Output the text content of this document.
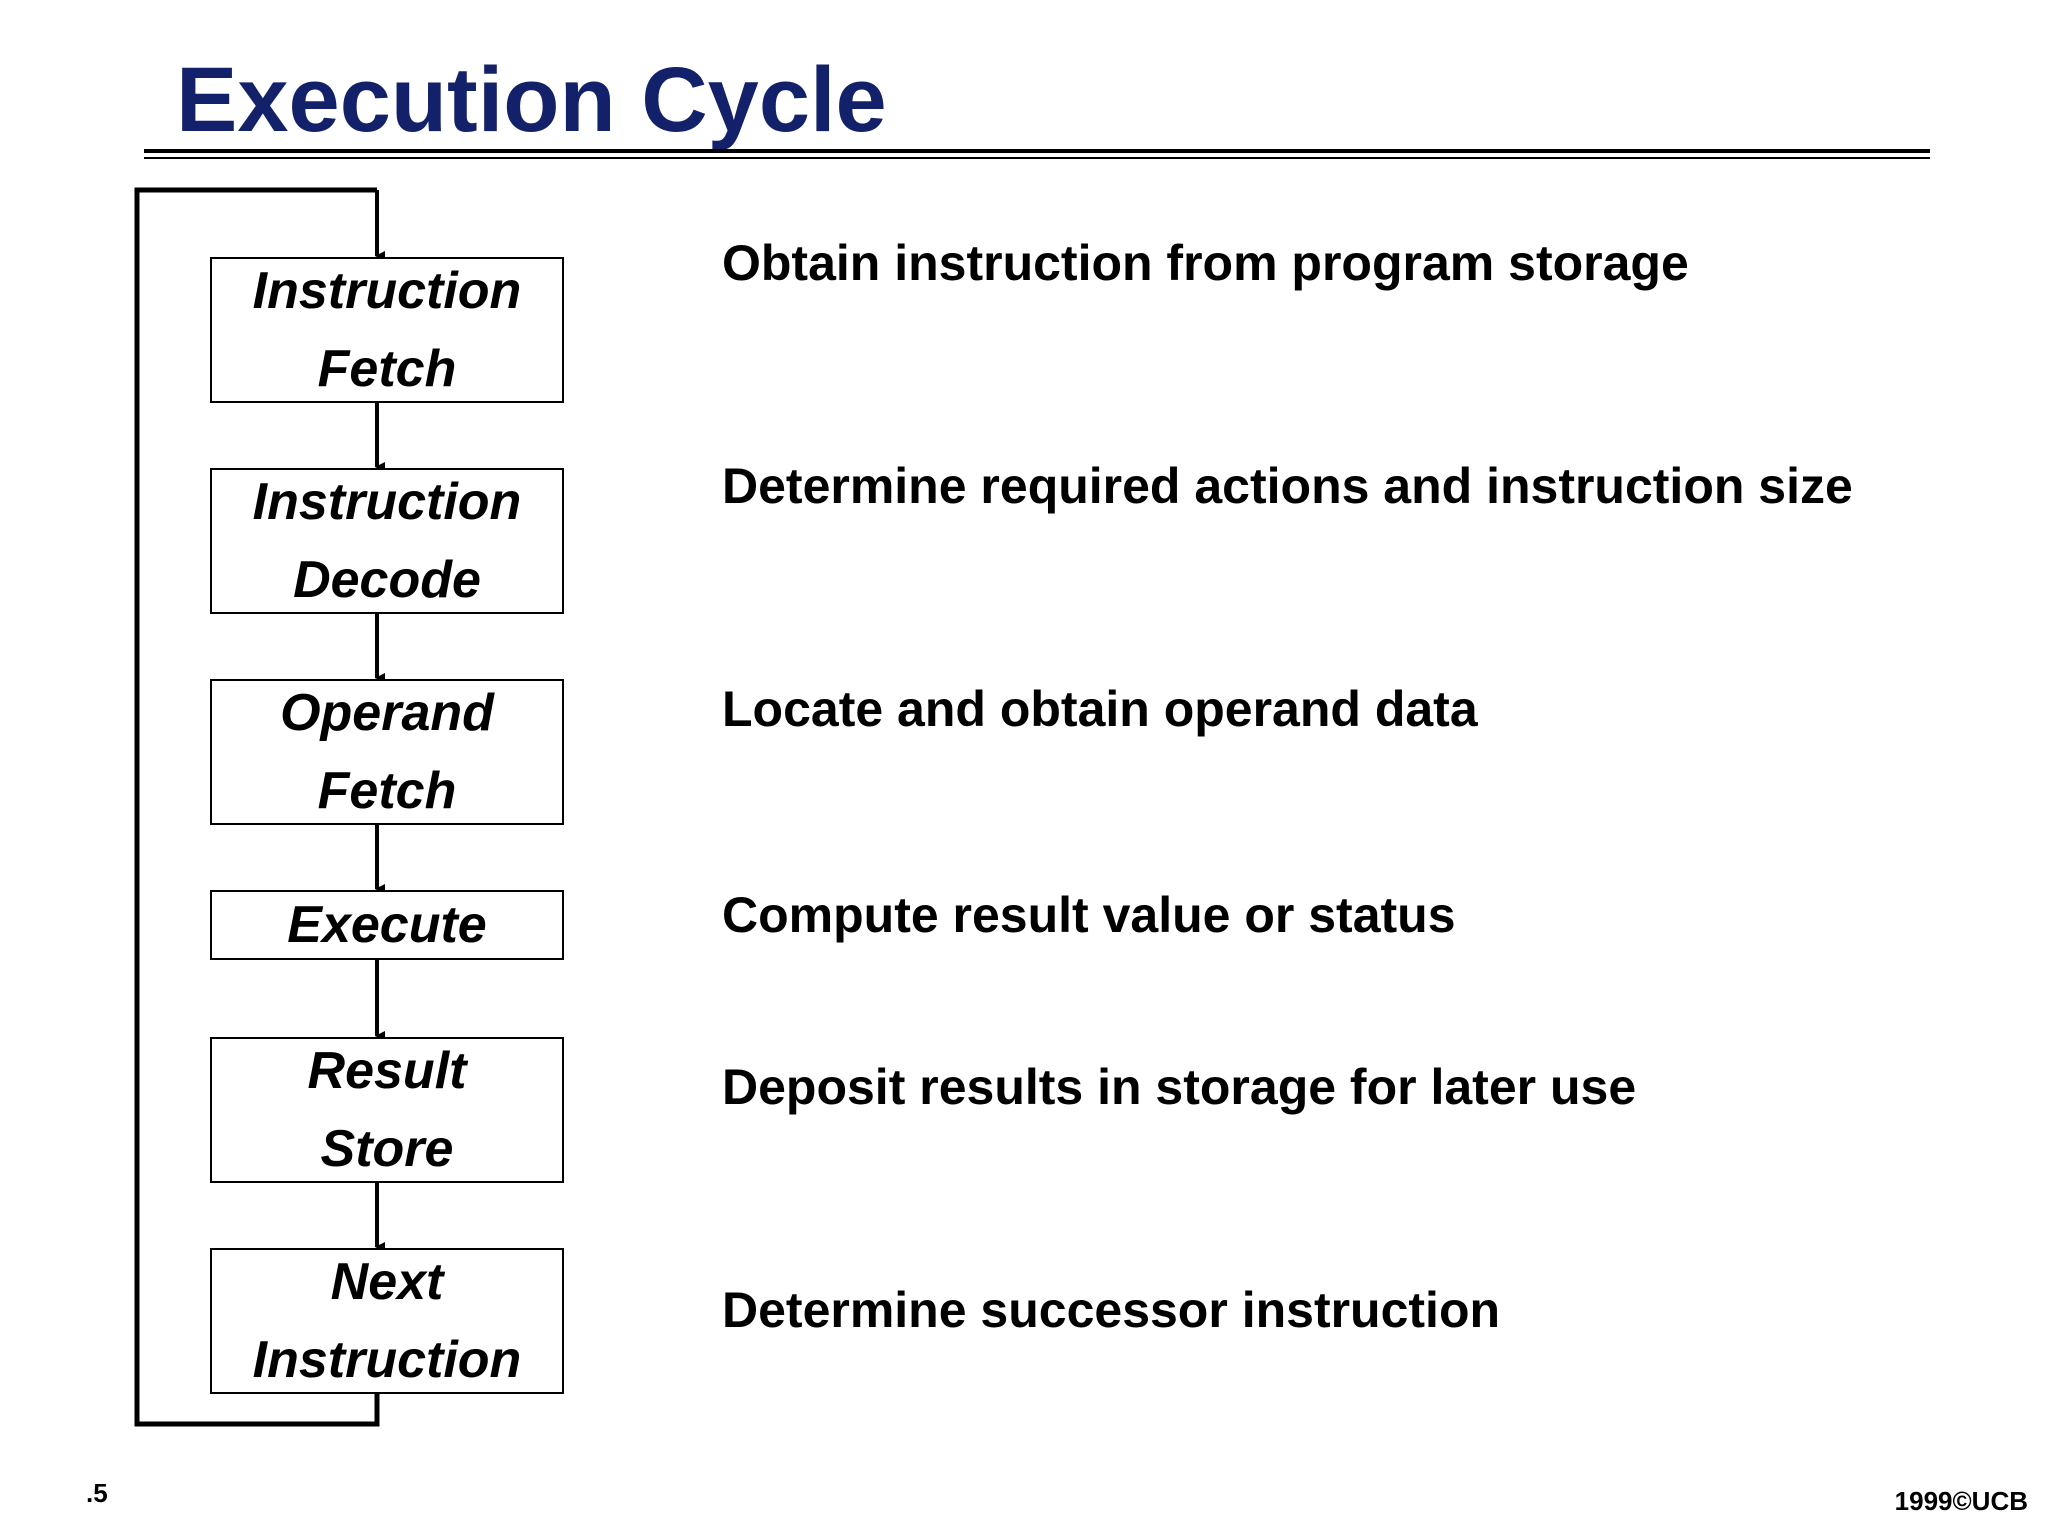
Execution Cycle
Instruction
Fetch
Instruction
Decode
Operand
Fetch
Execute
Result
Store
Next
Instruction
Obtain instruction from program storage
Determine required actions and instruction size
Locate and obtain operand data
Compute result value or status
Deposit results in storage for later use
Determine successor instruction
.5	1999©UCB
